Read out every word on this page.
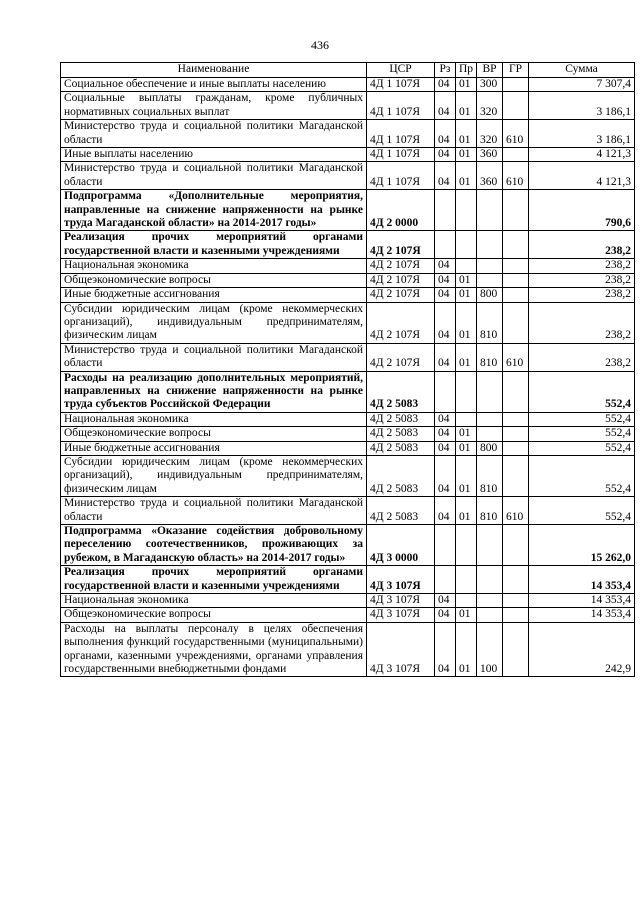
436
Наименование	ЦСР	Рз	Пр	ВР	ГР	Сумма
Социальное обеспечение и иные выплаты населению	4Д 1 107Я	04	01	300		7 307,4
Социальные выплаты гражданам, кроме публичных нормативных социальных выплат	4Д 1 107Я	04	01	320		3 186,1
Министерство труда и социальной политики Магаданской области	4Д 1 107Я	04	01	320	610	3 186,1
Иные выплаты населению	4Д 1 107Я	04	01	360		4 121,3
Министерство труда и социальной политики Магаданской области	4Д 1 107Я	04	01	360	610	4 121,3
Подпрограмма «Дополнительные мероприятия, направленные на снижение напряженности на рынке труда Магаданской области» на 2014-2017 годы»	4Д 2 0000					790,6
Реализация прочих мероприятий органами государственной власти и казенными учреждениями	4Д 2 107Я					238,2
Национальная экономика	4Д 2 107Я	04				238,2
Общеэкономические вопросы	4Д 2 107Я	04	01			238,2
Иные бюджетные ассигнования	4Д 2 107Я	04	01	800		238,2
Субсидии юридическим лицам (кроме некоммерческих организаций), индивидуальным предпринимателям, физическим лицам	4Д 2 107Я	04	01	810		238,2
Министерство труда и социальной политики Магаданской области	4Д 2 107Я	04	01	810	610	238,2
Расходы на реализацию дополнительных мероприятий, направленных на снижение напряженности на рынке труда субъектов Российской Федерации	4Д 2 5083					552,4
Национальная экономика	4Д 2 5083	04				552,4
Общеэкономические вопросы	4Д 2 5083	04	01			552,4
Иные бюджетные ассигнования	4Д 2 5083	04	01	800		552,4
Субсидии юридическим лицам (кроме некоммерческих организаций), индивидуальным предпринимателям, физическим лицам	4Д 2 5083	04	01	810		552,4
Министерство труда и социальной политики Магаданской области	4Д 2 5083	04	01	810	610	552,4
Подпрограмма «Оказание содействия добровольному переселению соотечественников, проживающих за рубежом, в Магаданскую область» на 2014-2017 годы»	4Д 3 0000					15 262,0
Реализация прочих мероприятий органами государственной власти и казенными учреждениями	4Д 3 107Я					14 353,4
Национальная экономика	4Д 3 107Я	04				14 353,4
Общеэкономические вопросы	4Д 3 107Я	04	01			14 353,4
Расходы на выплаты персоналу в целях обеспечения выполнения функций государственными (муниципальными) органами, казенными учреждениями, органами управления государственными внебюджетными фондами	4Д 3 107Я	04	01	100		242,9
